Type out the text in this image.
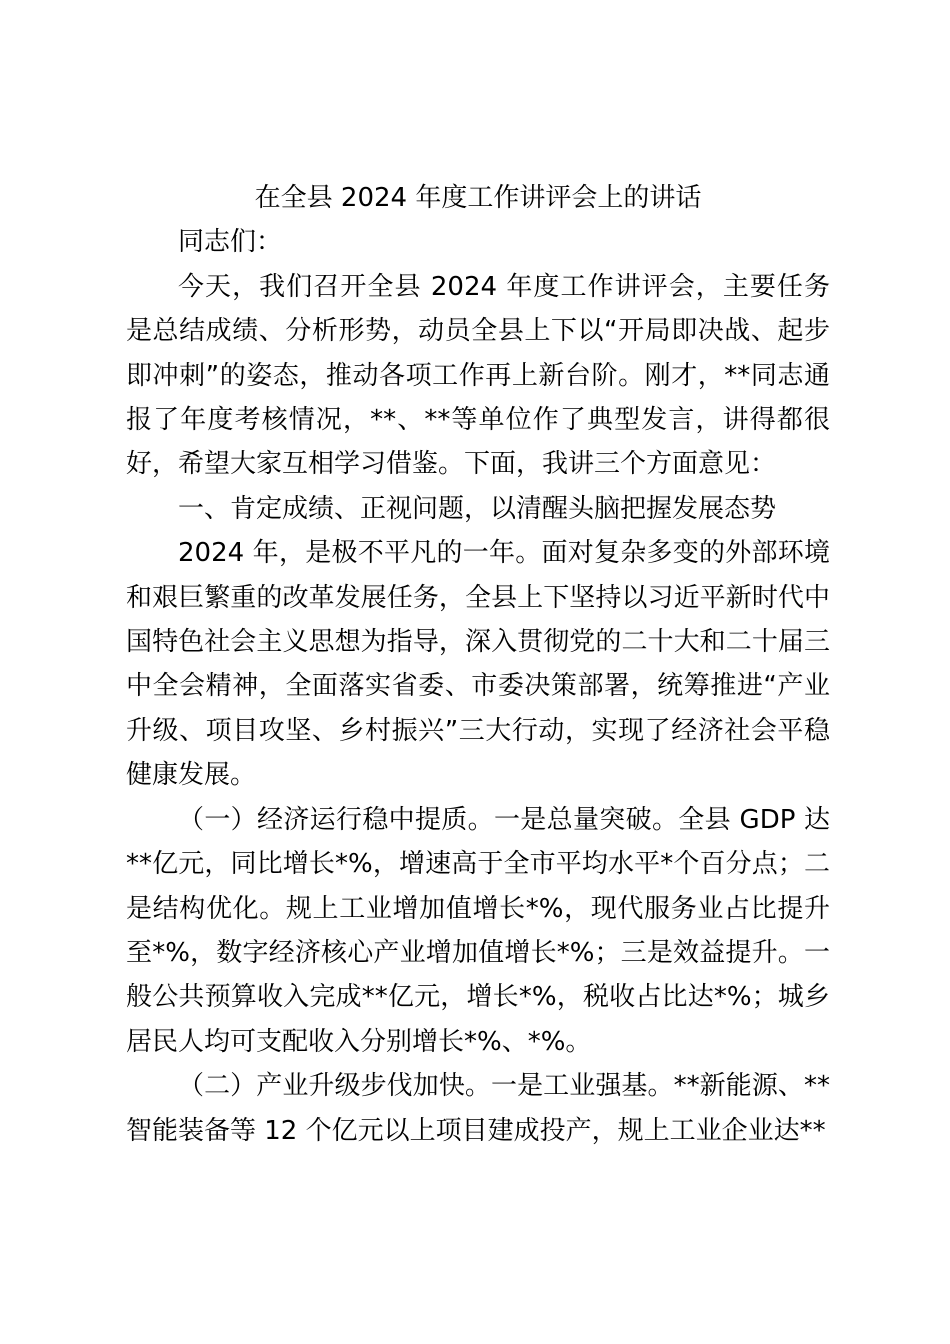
在全县 2024 年度工作讲评会上的讲话

同志们：

今天，我们召开全县 2024 年度工作讲评会，主要任务是总结成绩、分析形势，动员全县上下以“开局即决战、起步即冲刺”的姿态，推动各项工作再上新台阶。刚才，**同志通报了年度考核情况，**、**等单位作了典型发言，讲得都很好，希望大家互相学习借鉴。下面，我讲三个方面意见：

一、肯定成绩、正视问题，以清醒头脑把握发展态势

2024 年，是极不平凡的一年。面对复杂多变的外部环境和艰巨繁重的改革发展任务，全县上下坚持以习近平新时代中国特色社会主义思想为指导，深入贯彻党的二十大和二十届三中全会精神，全面落实省委、市委决策部署，统筹推进“产业升级、项目攻坚、乡村振兴”三大行动，实现了经济社会平稳健康发展。

（一）经济运行稳中提质。一是总量突破。全县 GDP 达**亿元，同比增长*%，增速高于全市平均水平*个百分点；二是结构优化。规上工业增加值增长*%，现代服务业占比提升至*%，数字经济核心产业增加值增长*%；三是效益提升。一般公共预算收入完成**亿元，增长*%，税收占比达*%；城乡居民人均可支配收入分别增长*%、*%。

（二）产业升级步伐加快。一是工业强基。**新能源、**智能装备等 12 个亿元以上项目建成投产，规上工业企业达**
